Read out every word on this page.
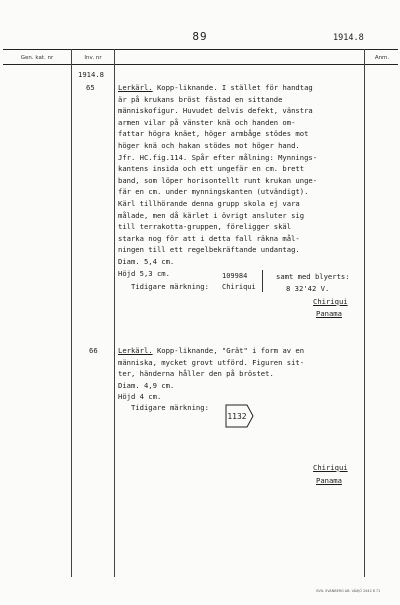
89	1914.8
Gen. kat. nr	Inv. nr	Anm.
1914.8
65	Lerkärl. Kopp-liknande. I stället för handtag

är på krukans bröst fästad en sittande

människofigur. Huvudet delvis defekt, vänstra

armen vilar på vänster knä och handen om-

fattar högra knäet, höger armbåge stödes mot

höger knä och hakan stödes mot höger hand.

Jfr. HC.fig.114. Spår efter målning: Mynnings-

kantens insida och ett ungefär en cm. brett

band, som löper horisontellt runt krukan unge-

fär en cm. under mynningskanten (utvändigt).

Kärl tillhörande denna grupp skola ej vara

målade, men då kärlet i övrigt ansluter sig

till terrakotta-gruppen, föreligger skäl

starka nog för att i detta fall räkna mål-

ningen till ett regelbekräftande undantag.

Diam. 5,4 cm.

Höjd 5,3 cm.

Tidigare märkning:
109984
Chiriqui
samt med blyerts:
8 32'42 V.
Chiriqui
Panama
66	Lerkärl. Kopp-liknande, "Grät" i form av en

människa, mycket grovt utförd. Figuren sit-

ter, händerna håller den på bröstet.

Diam. 4,9 cm.

Höjd 4 cm.

Tidigare märkning:
1132
Chiriqui
Panama
SVN. SVANBERG AB. VÄXJÖ 2442 8 71
